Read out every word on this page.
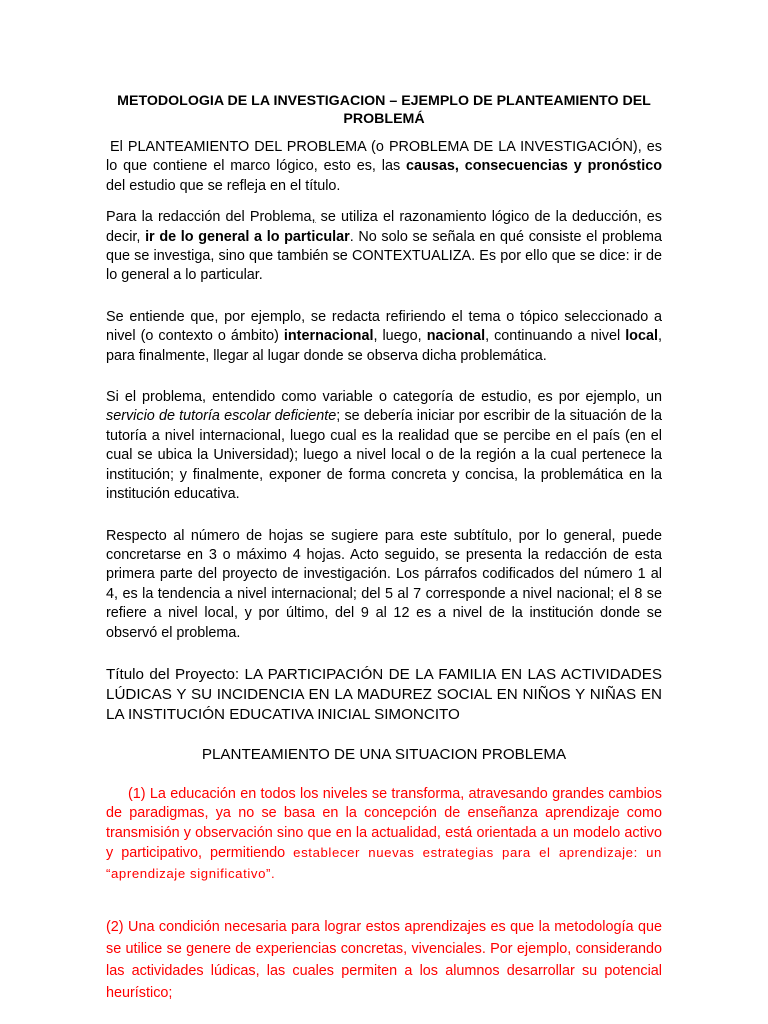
METODOLOGIA DE LA INVESTIGACION – EJEMPLO DE PLANTEAMIENTO DEL PROBLEMÁ

El PLANTEAMIENTO DEL PROBLEMA (o PROBLEMA DE LA INVESTIGACIÓN), es lo que contiene el marco lógico, esto es, las causas, consecuencias y pronóstico del estudio que se refleja en el título.

Para la redacción del Problema, se utiliza el razonamiento lógico de la deducción, es decir, ir de lo general a lo particular. No solo se señala en qué consiste el problema que se investiga, sino que también se CONTEXTUALIZA. Es por ello que se dice: ir de lo general a lo particular.

Se entiende que, por ejemplo, se redacta refiriendo el tema o tópico seleccionado a nivel (o contexto o ámbito) internacional, luego, nacional, continuando a nivel local, para finalmente, llegar al lugar donde se observa dicha problemática.

Si el problema, entendido como variable o categoría de estudio, es por ejemplo, un servicio de tutoría escolar deficiente; se debería iniciar por escribir de la situación de la tutoría a nivel internacional, luego cual es la realidad que se percibe en el país (en el cual se ubica la Universidad); luego a nivel local o de la región a la cual pertenece la institución; y finalmente, exponer de forma concreta y concisa, la problemática en la institución educativa.

Respecto al número de hojas se sugiere para este subtítulo, por lo general, puede concretarse en 3 o máximo 4 hojas. Acto seguido, se presenta la redacción de esta primera parte del proyecto de investigación. Los párrafos codificados del número 1 al 4, es la tendencia a nivel internacional; del 5 al 7 corresponde a nivel nacional; el 8 se refiere a nivel local, y por último, del 9 al 12 es a nivel de la institución donde se observó el problema.

Título del Proyecto: LA PARTICIPACIÓN DE LA FAMILIA EN LAS ACTIVIDADES LÚDICAS Y SU INCIDENCIA EN LA MADUREZ SOCIAL EN NIÑOS Y NIÑAS EN LA INSTITUCIÓN EDUCATIVA INICIAL SIMONCITO

PLANTEAMIENTO DE UNA SITUACION PROBLEMA

(1) La educación en todos los niveles se transforma, atravesando grandes cambios de paradigmas, ya no se basa en la concepción de enseñanza aprendizaje como transmisión y observación sino que en la actualidad, está orientada a un modelo activo y participativo, permitiendo establecer nuevas estrategias para el aprendizaje: un “aprendizaje significativo”.

(2) Una condición necesaria para lograr estos aprendizajes es que la metodología que se utilice se genere de experiencias concretas, vivenciales. Por ejemplo, considerando las actividades lúdicas, las cuales permiten a los alumnos desarrollar su potencial heurístico;
